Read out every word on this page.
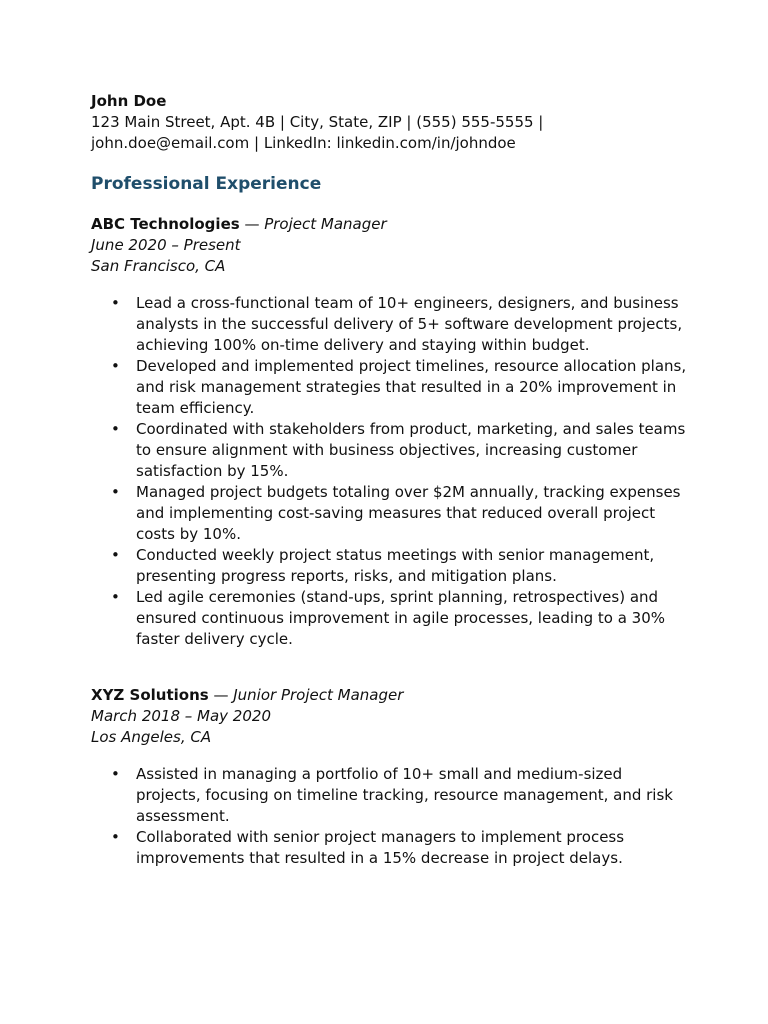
John Doe
123 Main Street, Apt. 4B | City, State, ZIP | (555) 555-5555 |
john.doe@email.com | LinkedIn: linkedin.com/in/johndoe
Professional Experience
ABC Technologies — Project Manager
June 2020 – Present
San Francisco, CA
• Lead a cross-functional team of 10+ engineers, designers, and business analysts in the successful delivery of 5+ software development projects, achieving 100% on-time delivery and staying within budget.
• Developed and implemented project timelines, resource allocation plans, and risk management strategies that resulted in a 20% improvement in team efficiency.
• Coordinated with stakeholders from product, marketing, and sales teams to ensure alignment with business objectives, increasing customer satisfaction by 15%.
• Managed project budgets totaling over $2M annually, tracking expenses and implementing cost-saving measures that reduced overall project costs by 10%.
• Conducted weekly project status meetings with senior management, presenting progress reports, risks, and mitigation plans.
• Led agile ceremonies (stand-ups, sprint planning, retrospectives) and ensured continuous improvement in agile processes, leading to a 30% faster delivery cycle.
XYZ Solutions — Junior Project Manager
March 2018 – May 2020
Los Angeles, CA
• Assisted in managing a portfolio of 10+ small and medium-sized projects, focusing on timeline tracking, resource management, and risk assessment.
• Collaborated with senior project managers to implement process improvements that resulted in a 15% decrease in project delays.
